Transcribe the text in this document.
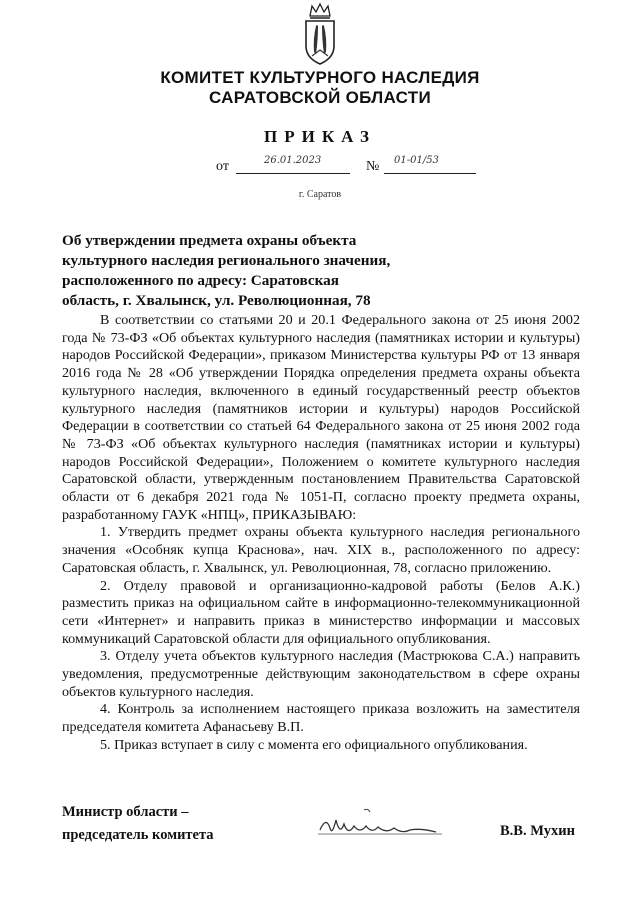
КОМИТЕТ КУЛЬТУРНОГО НАСЛЕДИЯ
САРАТОВСКОЙ ОБЛАСТИ
ПРИКАЗ
от	26.01.2023	№ 01-01/53
г. Саратов
Об утверждении предмета охраны объекта
культурного наследия регионального значения,
расположенного по адресу: Саратовская
область, г. Хвалынск, ул. Революционная, 78

В соответствии со статьями 20 и 20.1 Федерального закона от 25 июня 2002 года № 73-ФЗ «Об объектах культурного наследия (памятниках истории и культуры) народов Российской Федерации», приказом Министерства культуры РФ от 13 января 2016 года № 28 «Об утверждении Порядка определения предмета охраны объекта культурного наследия, включенного в единый государственный реестр объектов культурного наследия (памятников истории и культуры) народов Российской Федерации в соответствии со статьей 64 Федерального закона от 25 июня 2002 года № 73-ФЗ «Об объектах культурного наследия (памятниках истории и культуры) народов Российской Федерации», Положением о комитете культурного наследия Саратовской области, утвержденным постановлением Правительства Саратовской области от 6 декабря 2021 года № 1051-П, согласно проекту предмета охраны, разработанному ГАУК «НПЦ», ПРИКАЗЫВАЮ:

1. Утвердить предмет охраны объекта культурного наследия регионального значения «Особняк купца Краснова», нач. XIX в., расположенного по адресу: Саратовская область, г. Хвалынск, ул. Революционная, 78, согласно приложению.

2. Отделу правовой и организационно-кадровой работы (Белов А.К.) разместить приказ на официальном сайте в информационно-телекоммуникационной сети «Интернет» и направить приказ в министерство информации и массовых коммуникаций Саратовской области для официального опубликования.

3. Отделу учета объектов культурного наследия (Мастрюкова С.А.) направить уведомления, предусмотренные действующим законодательством в сфере охраны объектов культурного наследия.

4. Контроль за исполнением настоящего приказа возложить на заместителя председателя комитета Афанасьеву В.П.

5. Приказ вступает в силу с момента его официального опубликования.

Министр области –
председатель комитета	В.В. Мухин
